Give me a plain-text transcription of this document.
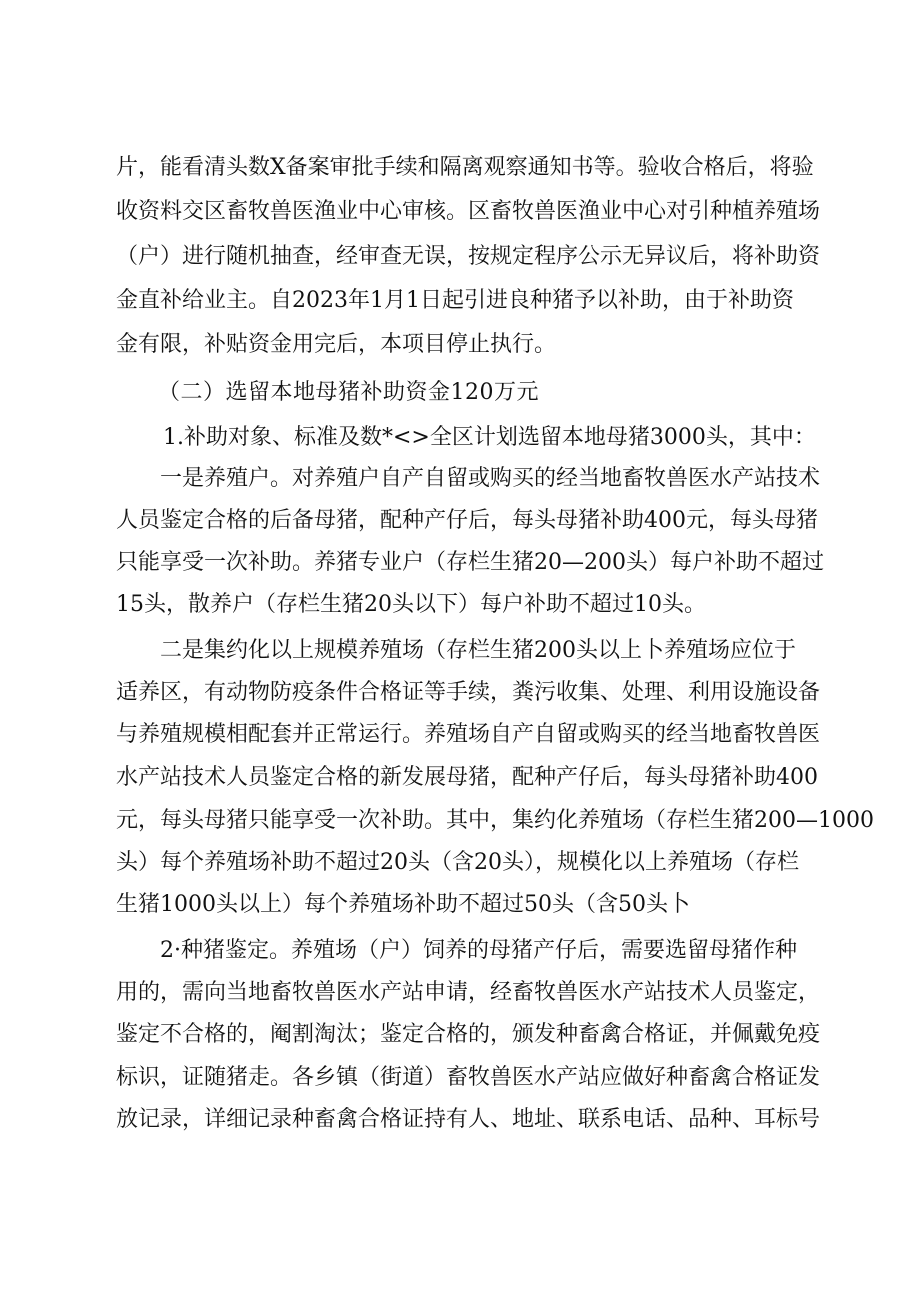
片，能看清头数X备案审批手续和隔离观察通知书等。验收合格后，将验
收资料交区畜牧兽医渔业中心审核。区畜牧兽医渔业中心对引种植养殖场
（户）进行随机抽查，经审查无误，按规定程序公示无异议后，将补助资
金直补给业主。自2023年1月1日起引进良种猪予以补助，由于补助资
金有限，补贴资金用完后，本项目停止执行。
（二）选留本地母猪补助资金120万元
1.补助对象、标准及数*<>全区计划选留本地母猪3000头，其中：
一是养殖户。对养殖户自产自留或购买的经当地畜牧兽医水产站技术
人员鉴定合格的后备母猪，配种产仔后，每头母猪补助400元，每头母猪
只能享受一次补助。养猪专业户（存栏生猪20—200头）每户补助不超过
15头，散养户（存栏生猪20头以下）每户补助不超过10头。
二是集约化以上规模养殖场（存栏生猪200头以上卜养殖场应位于
适养区，有动物防疫条件合格证等手续，粪污收集、处理、利用设施设备
与养殖规模相配套并正常运行。养殖场自产自留或购买的经当地畜牧兽医
水产站技术人员鉴定合格的新发展母猪，配种产仔后，每头母猪补助400
元，每头母猪只能享受一次补助。其中，集约化养殖场（存栏生猪200—1000
头）每个养殖场补助不超过20头（含20头），规模化以上养殖场（存栏
生猪1000头以上）每个养殖场补助不超过50头（含50头卜
2·种猪鉴定。养殖场（户）饲养的母猪产仔后，需要选留母猪作种
用的，需向当地畜牧兽医水产站申请，经畜牧兽医水产站技术人员鉴定，
鉴定不合格的，阉割淘汰；鉴定合格的，颁发种畜禽合格证，并佩戴免疫
标识，证随猪走。各乡镇（街道）畜牧兽医水产站应做好种畜禽合格证发
放记录，详细记录种畜禽合格证持有人、地址、联系电话、品种、耳标号
